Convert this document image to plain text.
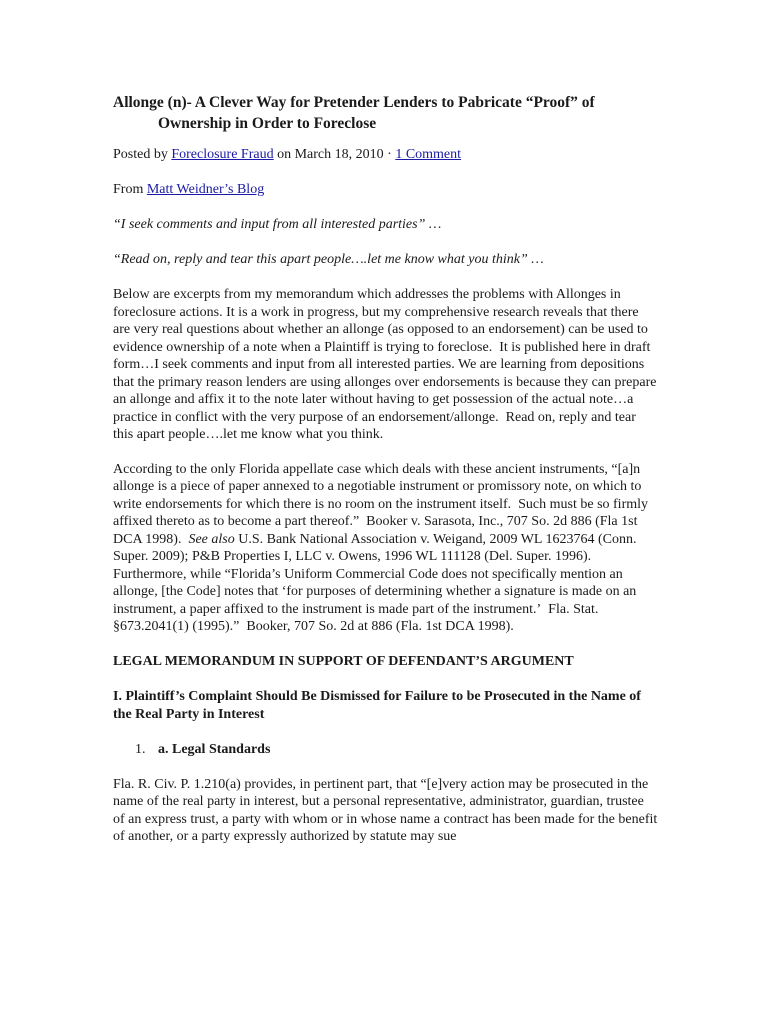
Allonge (n)- A Clever Way for Pretender Lenders to Pabricate “Proof” of Ownership in Order to Foreclose
Posted by Foreclosure Fraud on March 18, 2010 · 1 Comment
From Matt Weidner’s Blog
“I seek comments and input from all interested parties” …
“Read on, reply and tear this apart people….let me know what you think” …
Below are excerpts from my memorandum which addresses the problems with Allonges in foreclosure actions. It is a work in progress, but my comprehensive research reveals that there are very real questions about whether an allonge (as opposed to an endorsement) can be used to evidence ownership of a note when a Plaintiff is trying to foreclose.  It is published here in draft form…I seek comments and input from all interested parties. We are learning from depositions that the primary reason lenders are using allonges over endorsements is because they can prepare an allonge and affix it to the note later without having to get possession of the actual note…a practice in conflict with the very purpose of an endorsement/allonge.  Read on, reply and tear this apart people….let me know what you think.
According to the only Florida appellate case which deals with these ancient instruments, “[a]n allonge is a piece of paper annexed to a negotiable instrument or promissory note, on which to write endorsements for which there is no room on the instrument itself.  Such must be so firmly affixed thereto as to become a part thereof.”  Booker v. Sarasota, Inc., 707 So. 2d 886 (Fla 1st DCA 1998).  See also U.S. Bank National Association v. Weigand, 2009 WL 1623764 (Conn. Super. 2009); P&B Properties I, LLC v. Owens, 1996 WL 111128 (Del. Super. 1996).  Furthermore, while “Florida’s Uniform Commercial Code does not specifically mention an allonge, [the Code] notes that ‘for purposes of determining whether a signature is made on an instrument, a paper affixed to the instrument is made part of the instrument.’  Fla. Stat. §673.2041(1) (1995).”  Booker, 707 So. 2d at 886 (Fla. 1st DCA 1998).
LEGAL MEMORANDUM IN SUPPORT OF DEFENDANT’S ARGUMENT
I. Plaintiff’s Complaint Should Be Dismissed for Failure to be Prosecuted in the Name of the Real Party in Interest
1. a. Legal Standards
Fla. R. Civ. P. 1.210(a) provides, in pertinent part, that “[e]very action may be prosecuted in the name of the real party in interest, but a personal representative, administrator, guardian, trustee of an express trust, a party with whom or in whose name a contract has been made for the benefit of another, or a party expressly authorized by statute may sue
